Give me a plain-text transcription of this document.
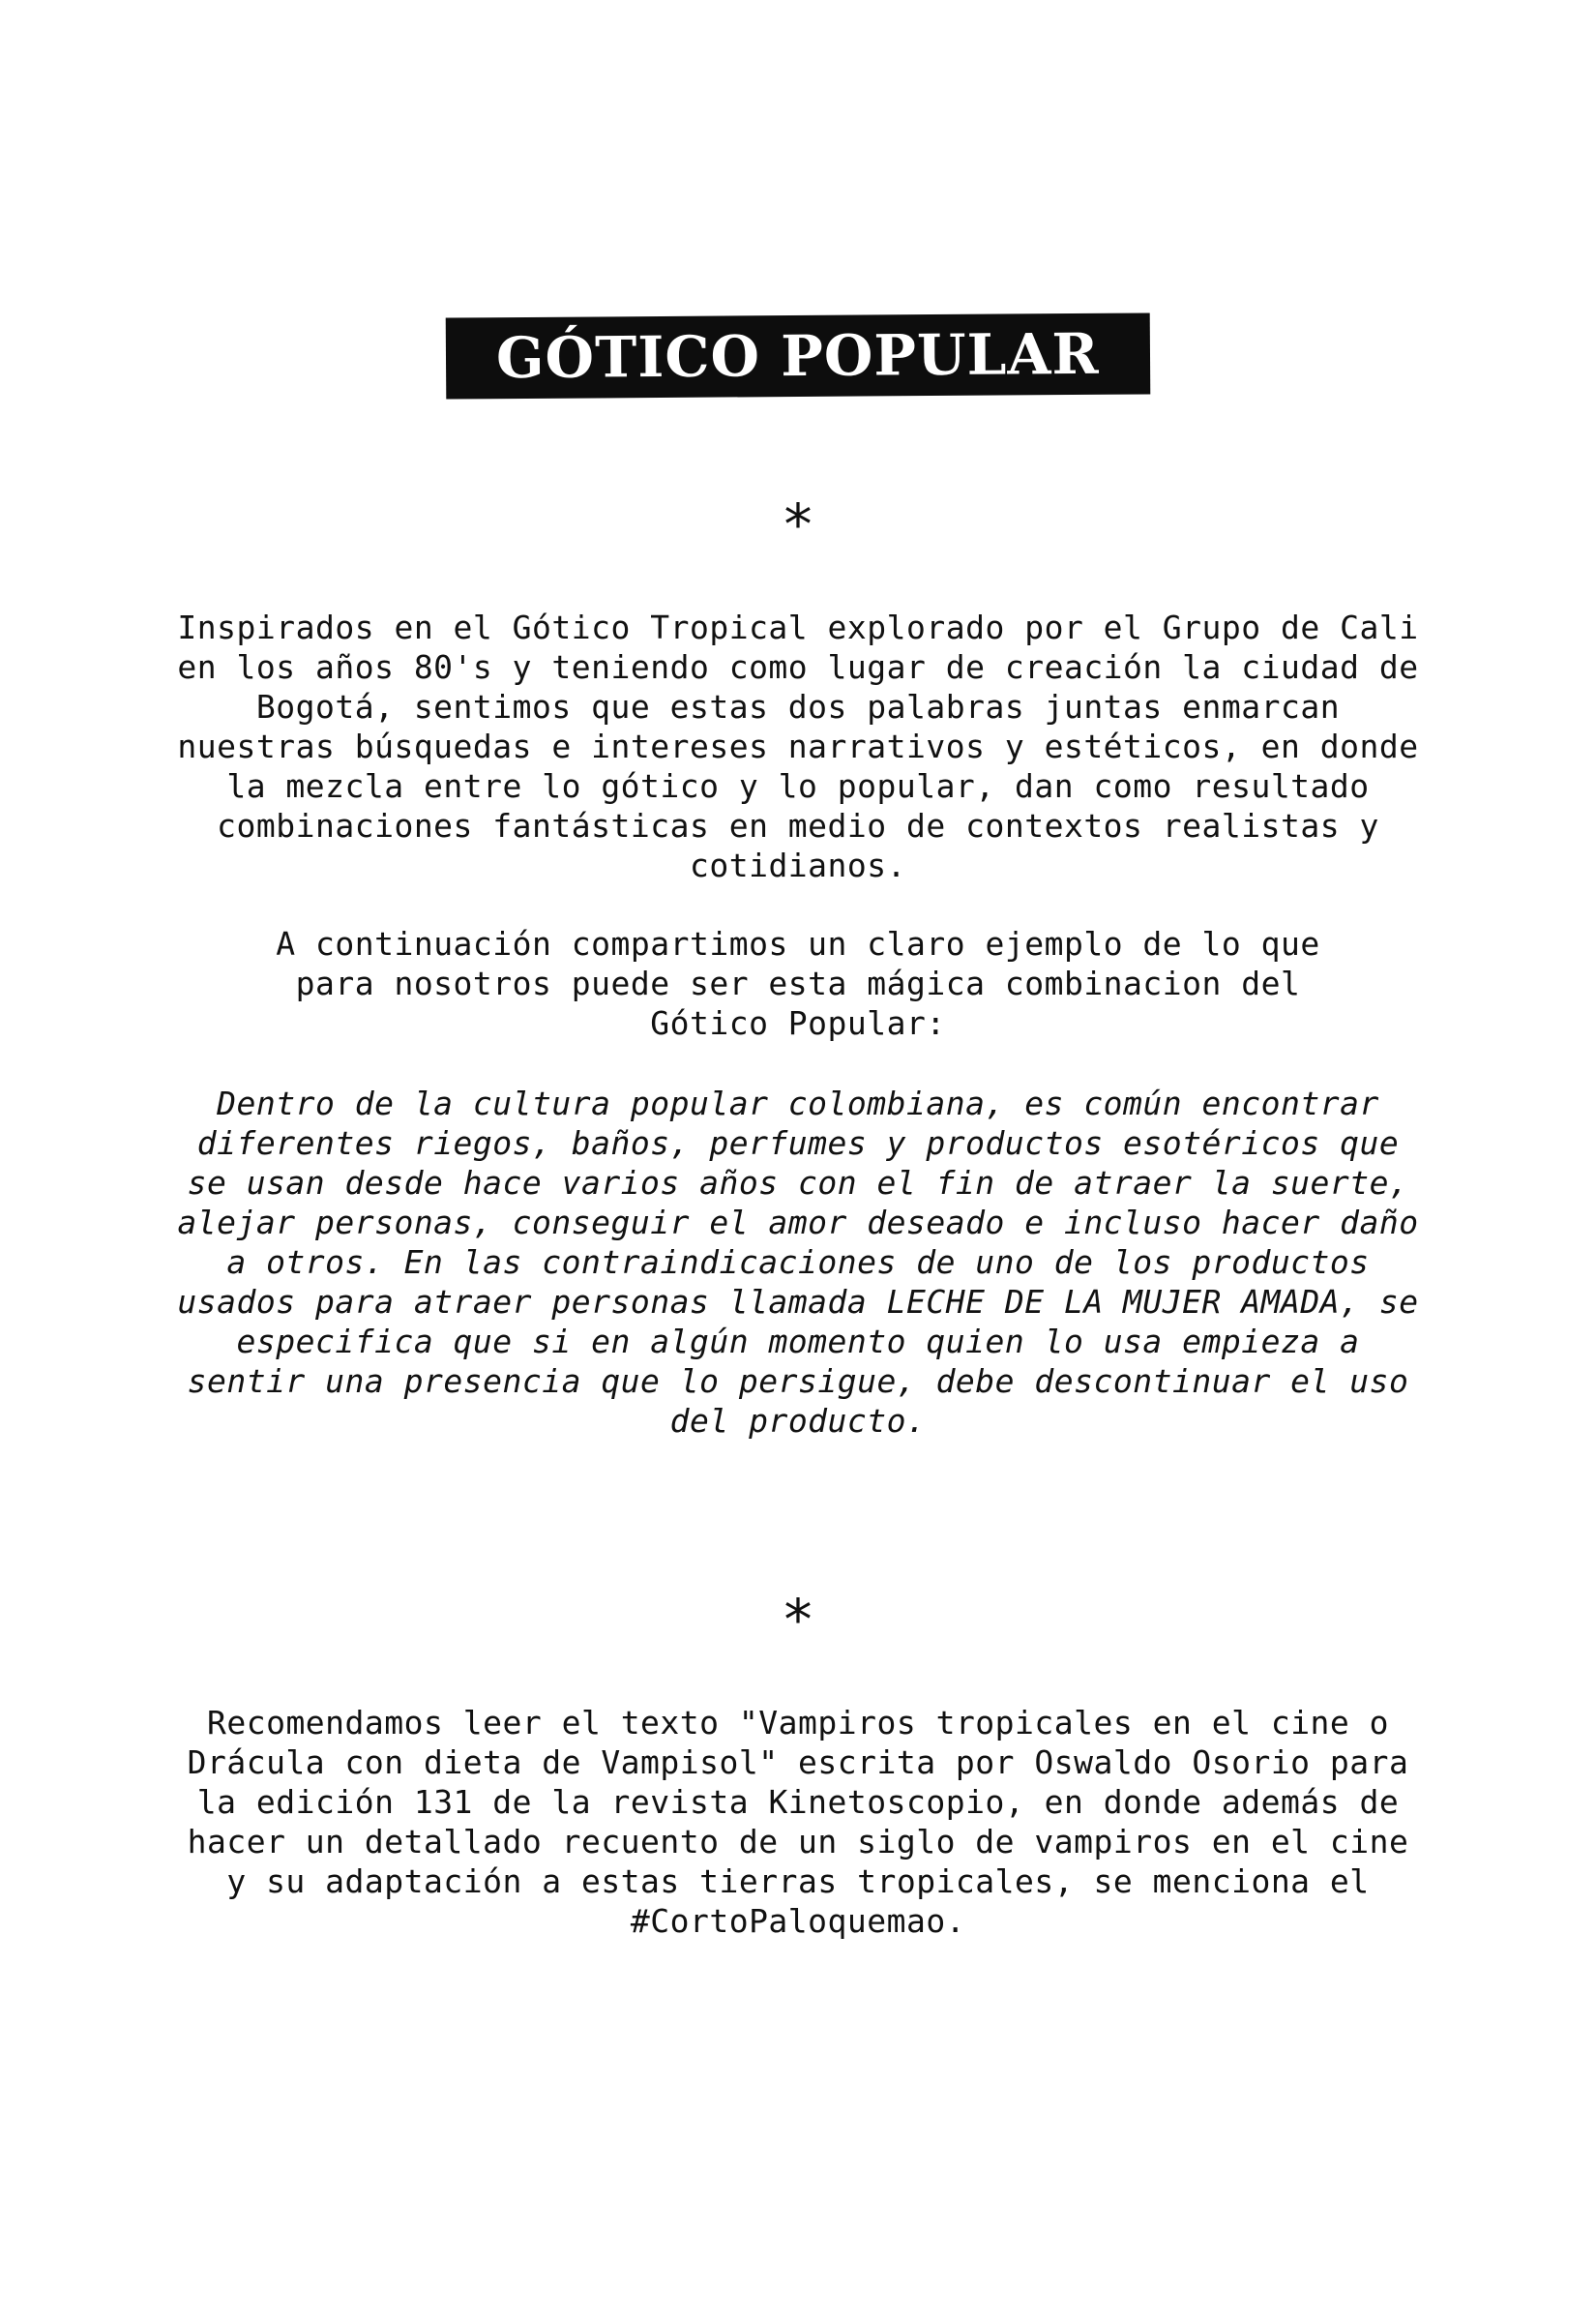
GÓTICO POPULAR
*

Inspirados en el Gótico Tropical explorado por el Grupo de Cali en los años 80's y teniendo como lugar de creación la ciudad de Bogotá, sentimos que estas dos palabras juntas enmarcan nuestras búsquedas e intereses narrativos y estéticos, en donde la mezcla entre lo gótico y lo popular, dan como resultado combinaciones fantásticas en medio de contextos realistas y cotidianos.

A continuación compartimos un claro ejemplo de lo que para nosotros puede ser esta mágica combinacion del Gótico Popular:

Dentro de la cultura popular colombiana, es común encontrar diferentes riegos, baños, perfumes y productos esotéricos que se usan desde hace varios años con el fin de atraer la suerte, alejar personas, conseguir el amor deseado e incluso hacer daño a otros. En las contraindicaciones de uno de los productos usados para atraer personas llamada LECHE DE LA MUJER AMADA, se especifica que si en algún momento quien lo usa empieza a sentir una presencia que lo persigue, debe descontinuar el uso del producto.

*

Recomendamos leer el texto "Vampiros tropicales en el cine o Drácula con dieta de Vampisol" escrita por Oswaldo Osorio para la edición 131 de la revista Kinetoscopio, en donde además de hacer un detallado recuento de un siglo de vampiros en el cine y su adaptación a estas tierras tropicales, se menciona el #CortoPaloquemao.
